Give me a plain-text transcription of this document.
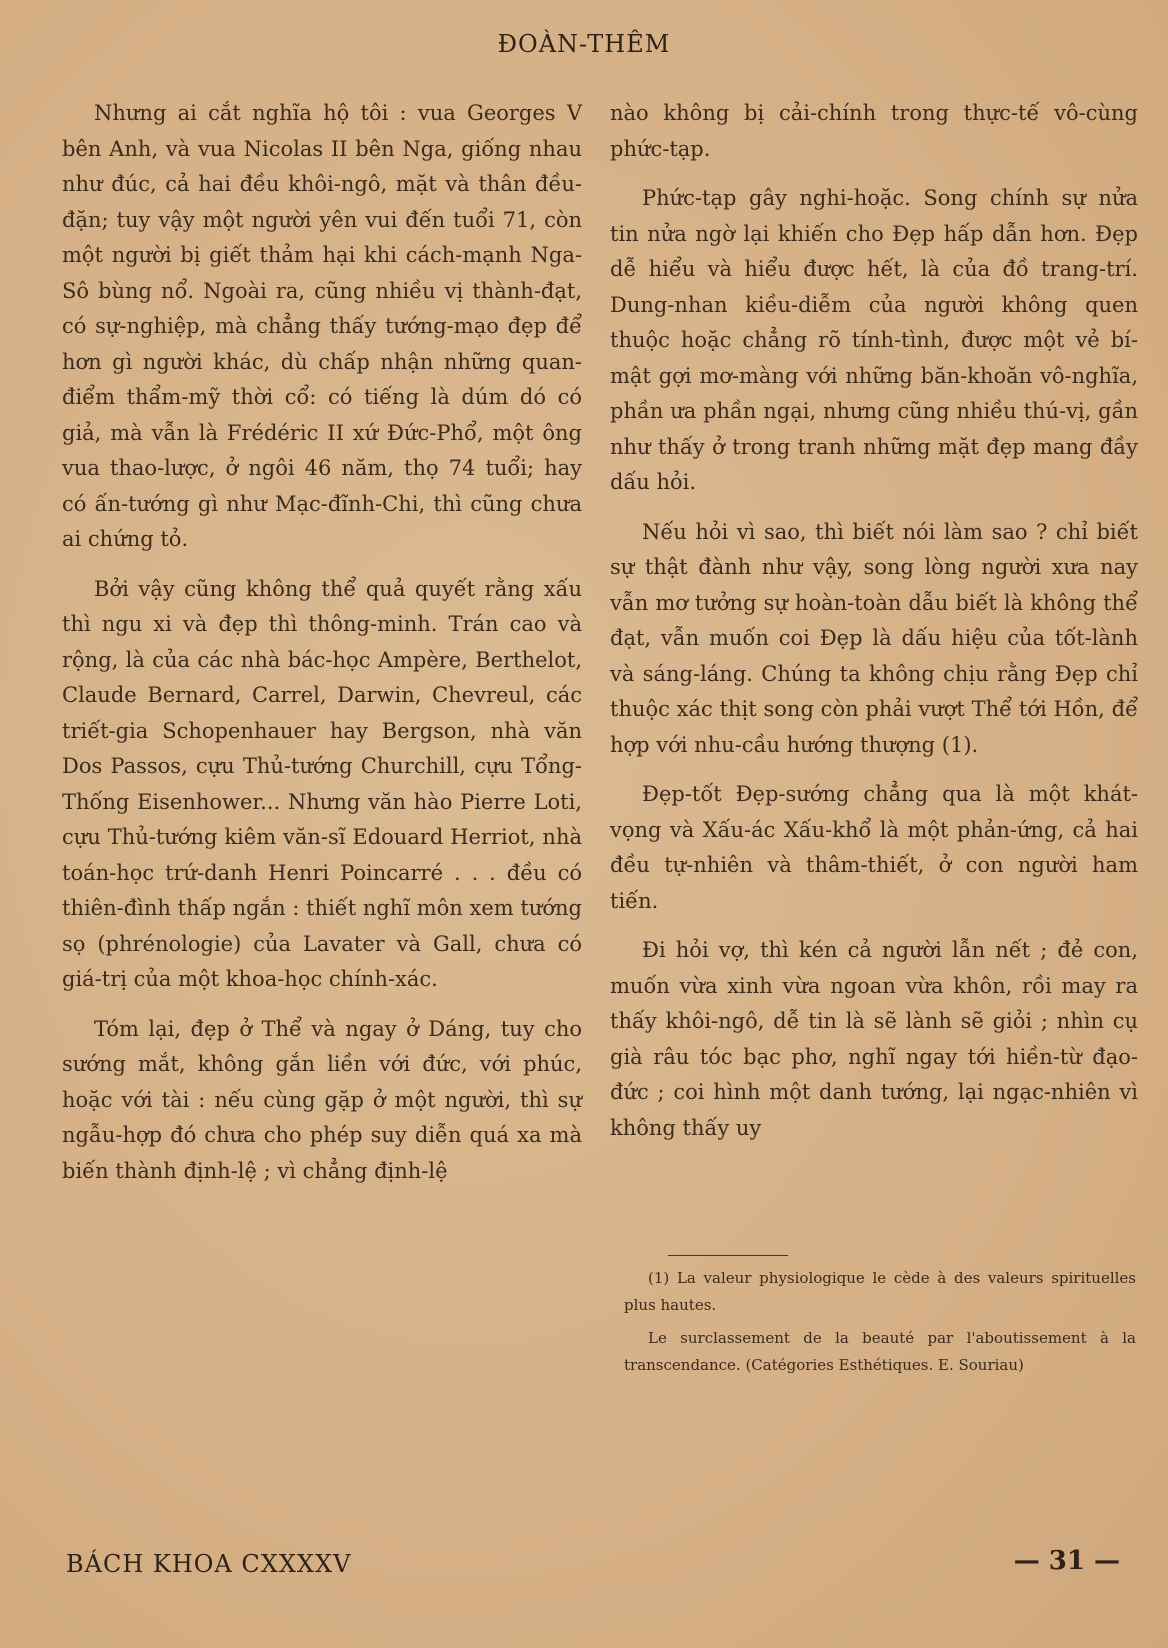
ĐOÀN-THÊM

Nhưng ai cắt nghĩa hộ tôi : vua Georges V bên Anh, và vua Nicolas II bên Nga, giống nhau như đúc, cả hai đều khôi-ngô, mặt và thân đều-đặn; tuy vậy một người yên vui đến tuổi 71, còn một người bị giết thảm hại khi cách-mạnh Nga-Sô bùng nổ. Ngoài ra, cũng nhiều vị thành-đạt, có sự-nghiệp, mà chẳng thấy tướng-mạo đẹp để hơn gì người khác, dù chấp nhận những quan-điểm thẩm-mỹ thời cổ: có tiếng là dúm dó có giả, mà vẫn là Frédéric II xứ Đức-Phổ, một ông vua thao-lược, ở ngôi 46 năm, thọ 74 tuổi; hay có ấn-tướng gì như Mạc-đĩnh-Chi, thì cũng chưa ai chứng tỏ.

Bởi vậy cũng không thể quả quyết rằng xấu thì ngu xi và đẹp thì thông-minh. Trán cao và rộng, là của các nhà bác-học Ampère, Berthelot, Claude Bernard, Carrel, Darwin, Chevreul, các triết-gia Schopenhauer hay Bergson, nhà văn Dos Passos, cựu Thủ-tướng Churchill, cựu Tổng-Thống Eisenhower... Nhưng văn hào Pierre Loti, cựu Thủ-tướng kiêm văn-sĩ Edouard Herriot, nhà toán-học trứ-danh Henri Poincarré . . . đều có thiên-đình thấp ngắn : thiết nghĩ môn xem tướng sọ (phrénologie) của Lavater và Gall, chưa có giá-trị của một khoa-học chính-xác.

Tóm lại, đẹp ở Thể và ngay ở Dáng, tuy cho sướng mắt, không gắn liền với đức, với phúc, hoặc với tài : nếu cùng gặp ở một người, thì sự ngẫu-hợp đó chưa cho phép suy diễn quá xa mà biến thành định-lệ ; vì chẳng định-lệ

nào không bị cải-chính trong thực-tế vô-cùng phức-tạp.

Phức-tạp gây nghi-hoặc. Song chính sự nửa tin nửa ngờ lại khiến cho Đẹp hấp dẫn hơn. Đẹp dễ hiểu và hiểu được hết, là của đồ trang-trí. Dung-nhan kiều-diễm của người không quen thuộc hoặc chẳng rõ tính-tình, được một vẻ bí-mật gợi mơ-màng với những băn-khoăn vô-nghĩa, phần ưa phần ngại, nhưng cũng nhiều thú-vị, gần như thấy ở trong tranh những mặt đẹp mang đầy dấu hỏi.

Nếu hỏi vì sao, thì biết nói làm sao ? chỉ biết sự thật đành như vậy, song lòng người xưa nay vẫn mơ tưởng sự hoàn-toàn dẫu biết là không thể đạt, vẫn muốn coi Đẹp là dấu hiệu của tốt-lành và sáng-láng. Chúng ta không chịu rằng Đẹp chỉ thuộc xác thịt song còn phải vượt Thể tới Hồn, để hợp với nhu-cầu hướng thượng (1).

Đẹp-tốt Đẹp-sướng chẳng qua là một khát-vọng và Xấu-ác Xấu-khổ là một phản-ứng, cả hai đều tự-nhiên và thâm-thiết, ở con người ham tiến.

Đi hỏi vợ, thì kén cả người lẫn nết ; đẻ con, muốn vừa xinh vừa ngoan vừa khôn, rồi may ra thấy khôi-ngô, dễ tin là sẽ lành sẽ giỏi ; nhìn cụ già râu tóc bạc phơ, nghĩ ngay tới hiền-từ đạo-đức ; coi hình một danh tướng, lại ngạc-nhiên vì không thấy uy

(1) La valeur physiologique le cède à des valeurs spirituelles plus hautes.

Le surclassement de la beauté par l'aboutissement à la transcendance. (Catégories Esthétiques. E. Souriau)

BÁCH KHOA CXXXXV	— 31 —
